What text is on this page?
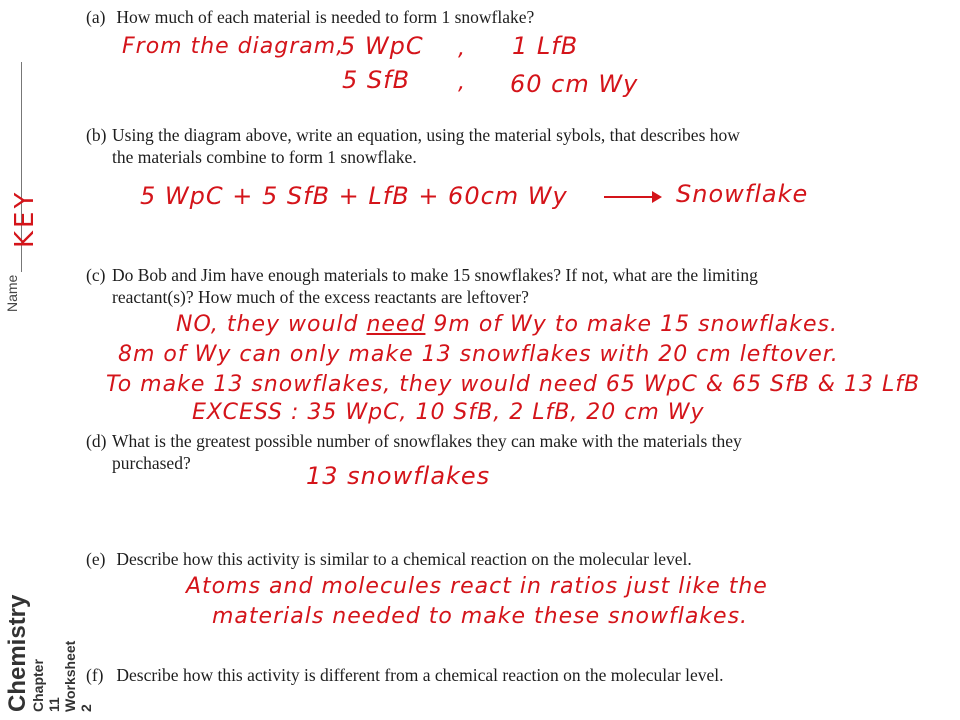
Name
KEY
Chemistry Chapter 11 Worksheet 2
(a) How much of each material is needed to form 1 snowflake?
From the diagram,
5 WpC , 1 LfB
5 SfB , 60 cm Wy
(b) Using the diagram above, write an equation, using the material sybols, that describes how
the materials combine to form 1 snowflake.
5 WpC + 5 SfB + LfB + 60cm Wy → Snowflake
(c) Do Bob and Jim have enough materials to make 15 snowflakes? If not, what are the limiting
reactant(s)? How much of the excess reactants are leftover?
NO, they would need 9m of Wy to make 15 snowflakes.
8m of Wy can only make 13 snowflakes with 20 cm leftover.
To make 13 snowflakes, they would need 65 WpC & 65 SfB & 13 LfB
EXCESS : 35 WpC, 10 SfB, 2 LfB, 20 cm Wy
(d) What is the greatest possible number of snowflakes they can make with the materials they
purchased?	13 snowflakes
(e) Describe how this activity is similar to a chemical reaction on the molecular level.
Atoms and molecules react in ratios just like the
materials needed to make these snowflakes.
(f) Describe how this activity is different from a chemical reaction on the molecular level.
